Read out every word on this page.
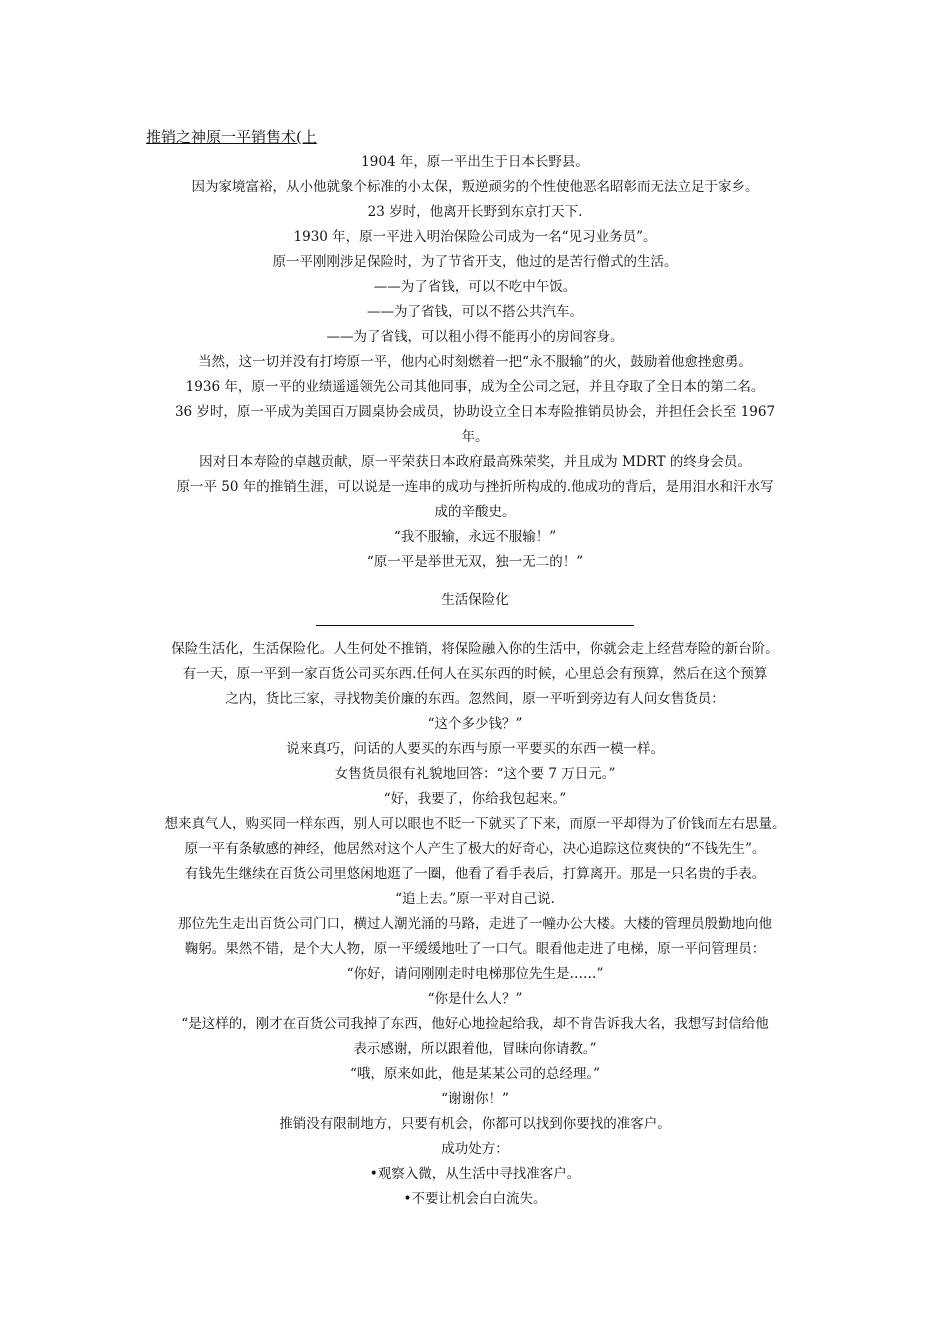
推销之神原一平销售术(上
1904 年，原一平出生于日本长野县。
因为家境富裕，从小他就象个标准的小太保，叛逆顽劣的个性使他恶名昭彰而无法立足于家乡。
23 岁时，他离开长野到东京打天下.
1930 年，原一平进入明治保险公司成为一名“见习业务员”。
原一平刚刚涉足保险时，为了节省开支，他过的是苦行僧式的生活。
——为了省钱，可以不吃中午饭。
——为了省钱，可以不搭公共汽车。
——为了省钱，可以租小得不能再小的房间容身。
当然，这一切并没有打垮原一平，他内心时刻燃着一把“永不服输”的火，鼓励着他愈挫愈勇。
1936 年，原一平的业绩遥遥领先公司其他同事，成为全公司之冠，并且夺取了全日本的第二名。
36 岁时，原一平成为美国百万圆桌协会成员，协助设立全日本寿险推销员协会，并担任会长至 1967
年。
因对日本寿险的卓越贡献，原一平荣获日本政府最高殊荣奖，并且成为 MDRT 的终身会员。
原一平 50 年的推销生涯，可以说是一连串的成功与挫折所构成的.他成功的背后，是用泪水和汗水写
成的辛酸史。
“我不服输，永远不服输！”
“原一平是举世无双，独一无二的！”
生活保险化
保险生活化，生活保险化。人生何处不推销，将保险融入你的生活中，你就会走上经营寿险的新台阶。
有一天，原一平到一家百货公司买东西.任何人在买东西的时候，心里总会有预算，然后在这个预算
之内，货比三家，寻找物美价廉的东西。忽然间，原一平听到旁边有人问女售货员：
“这个多少钱？”
说来真巧，问话的人要买的东西与原一平要买的东西一模一样。
女售货员很有礼貌地回答：“这个要 7 万日元。”
“好，我要了，你给我包起来。”
想来真气人，购买同一样东西，别人可以眼也不眨一下就买了下来，而原一平却得为了价钱而左右思量。
原一平有条敏感的神经，他居然对这个人产生了极大的好奇心，决心追踪这位爽快的“不钱先生”。
有钱先生继续在百货公司里悠闲地逛了一圈，他看了看手表后，打算离开。那是一只名贵的手表。
“追上去。”原一平对自己说.
那位先生走出百货公司门口，横过人潮光涌的马路，走进了一幢办公大楼。大楼的管理员殷勤地向他
鞠躬。果然不错，是个大人物，原一平缓缓地吐了一口气。眼看他走进了电梯，原一平问管理员：
“你好，请问刚刚走时电梯那位先生是……”
“你是什么人？”
“是这样的，刚才在百货公司我掉了东西，他好心地捡起给我，却不肯告诉我大名，我想写封信给他
表示感谢，所以跟着他，冒昧向你请教。”
“哦，原来如此，他是某某公司的总经理。”
“谢谢你！”
推销没有限制地方，只要有机会，你都可以找到你要找的准客户。
成功处方：
•观察入微，从生活中寻找准客户。
•不要让机会白白流失。
